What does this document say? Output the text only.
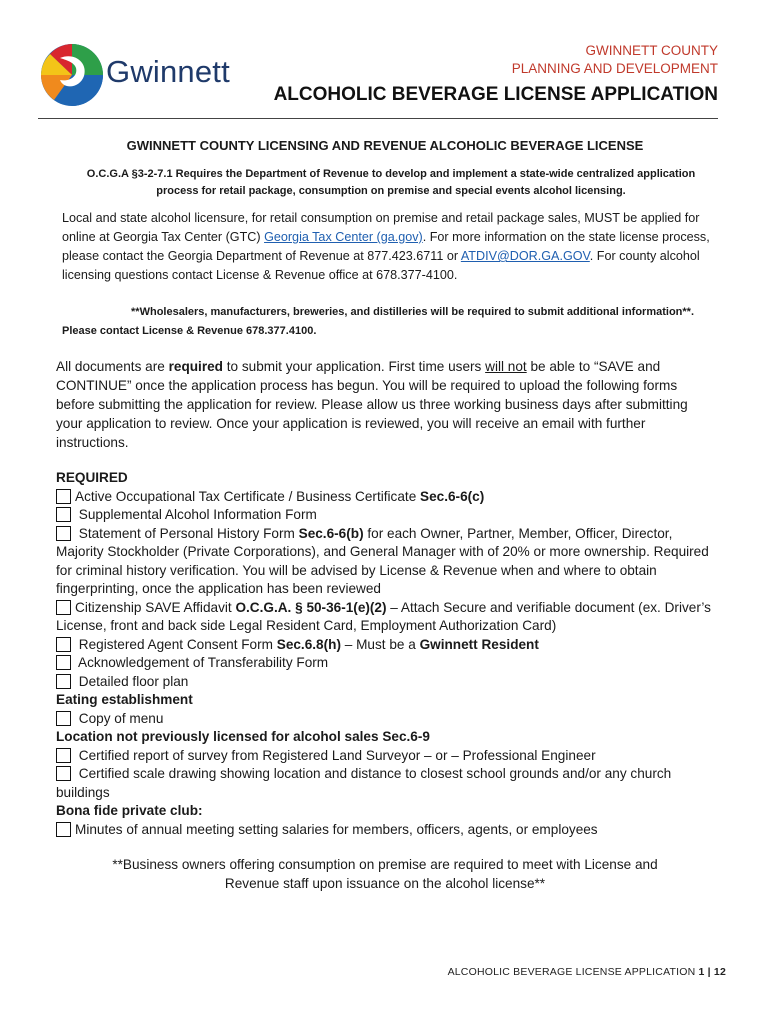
Gwinnett
GWINNETT COUNTY
PLANNING AND DEVELOPMENT
ALCOHOLIC BEVERAGE LICENSE APPLICATION
GWINNETT COUNTY LICENSING AND REVENUE ALCOHOLIC BEVERAGE LICENSE
O.C.G.A §3-2-7.1 Requires the Department of Revenue to develop and implement a state-wide centralized application
process for retail package, consumption on premise and special events alcohol licensing.
Local and state alcohol licensure, for retail consumption on premise and retail package sales, MUST be applied for online at Georgia Tax Center (GTC) Georgia Tax Center (ga.gov). For more information on the state license process, please contact the Georgia Department of Revenue at 877.423.6711 or ATDIV@DOR.GA.GOV. For county alcohol licensing questions contact License & Revenue office at 678.377-4100.
**Wholesalers, manufacturers, breweries, and distilleries will be required to submit additional information**.
Please contact License & Revenue 678.377.4100.
All documents are required to submit your application. First time users will not be able to “SAVE and CONTINUE” once the application process has begun. You will be required to upload the following forms before submitting the application for review. Please allow us three working business days after submitting your application to review. Once your application is reviewed, you will receive an email with further instructions.
REQUIRED
Active Occupational Tax Certificate / Business Certificate Sec.6-6(c)
Supplemental Alcohol Information Form
Statement of Personal History Form Sec.6-6(b) for each Owner, Partner, Member, Officer, Director, Majority Stockholder (Private Corporations), and General Manager with of 20% or more ownership. Required for criminal history verification. You will be advised by License & Revenue when and where to obtain fingerprinting, once the application has been reviewed
Citizenship SAVE Affidavit O.C.G.A. § 50-36-1(e)(2) – Attach Secure and verifiable document (ex. Driver’s License, front and back side Legal Resident Card, Employment Authorization Card)
Registered Agent Consent Form Sec.6.8(h) – Must be a Gwinnett Resident
Acknowledgement of Transferability Form
Detailed floor plan
Eating establishment
Copy of menu
Location not previously licensed for alcohol sales Sec.6-9
Certified report of survey from Registered Land Surveyor – or – Professional Engineer
Certified scale drawing showing location and distance to closest school grounds and/or any church buildings
Bona fide private club:
Minutes of annual meeting setting salaries for members, officers, agents, or employees
**Business owners offering consumption on premise are required to meet with License and
Revenue staff upon issuance on the alcohol license**
ALCOHOLIC BEVERAGE LICENSE APPLICATION 1 | 12
